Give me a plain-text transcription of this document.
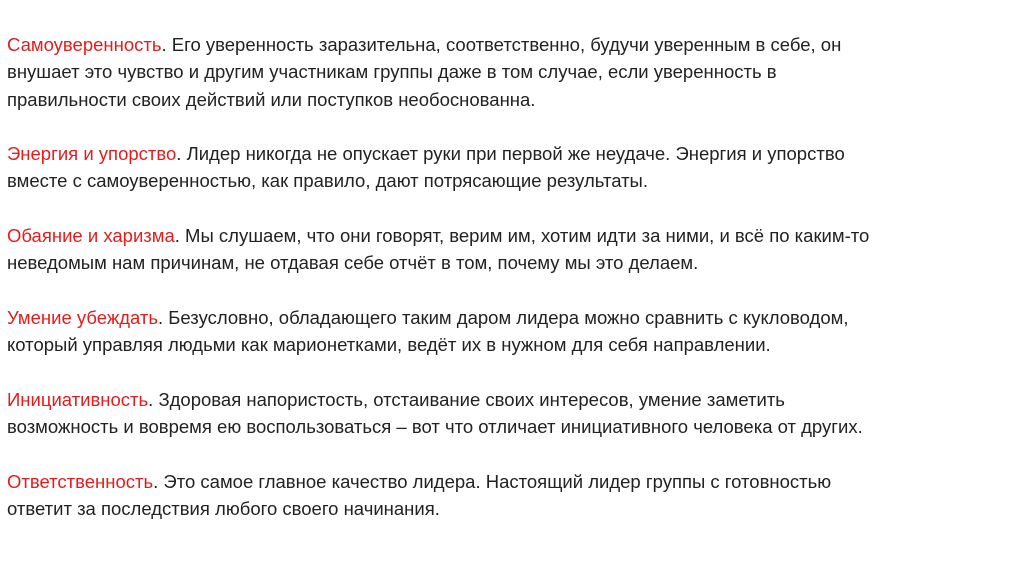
Самоуверенность. Его уверенность заразительна, соответственно, будучи уверенным в себе, он
внушает это чувство и другим участникам группы даже в том случае, если уверенность в
правильности своих действий или поступков необоснованна.

Энергия и упорство. Лидер никогда не опускает руки при первой же неудаче. Энергия и упорство
вместе с самоуверенностью, как правило, дают потрясающие результаты.

Обаяние и харизма. Мы слушаем, что они говорят, верим им, хотим идти за ними, и всё по каким-то
неведомым нам причинам, не отдавая себе отчёт в том, почему мы это делаем.

Умение убеждать. Безусловно, обладающего таким даром лидера можно сравнить с кукловодом,
который управляя людьми как марионетками, ведёт их в нужном для себя направлении.

Инициативность. Здоровая напористость, отстаивание своих интересов, умение заметить
возможность и вовремя ею воспользоваться – вот что отличает инициативного человека от других.

Ответственность. Это самое главное качество лидера. Настоящий лидер группы с готовностью
ответит за последствия любого своего начинания.
